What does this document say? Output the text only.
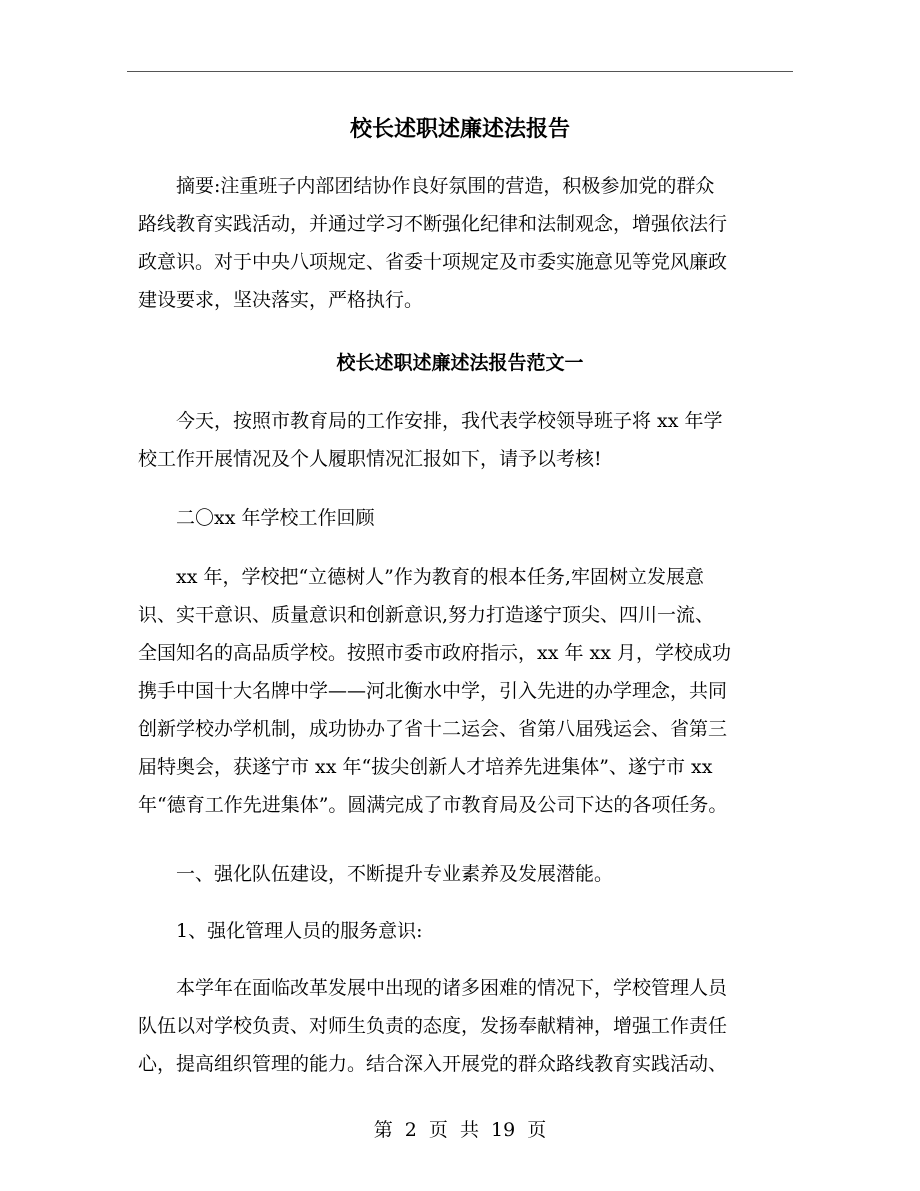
校长述职述廉述法报告
　　摘要:注重班子内部团结协作良好氛围的营造，积极参加党的群众
路线教育实践活动，并通过学习不断强化纪律和法制观念，增强依法行
政意识。对于中央八项规定、省委十项规定及市委实施意见等党风廉政
建设要求，坚决落实，严格执行。
校长述职述廉述法报告范文一
　　今天，按照市教育局的工作安排，我代表学校领导班子将 xx 年学
校工作开展情况及个人履职情况汇报如下，请予以考核!
　　二〇xx 年学校工作回顾
　　xx 年，学校把“立德树人”作为教育的根本任务,牢固树立发展意
识、实干意识、质量意识和创新意识,努力打造遂宁顶尖、四川一流、
全国知名的高品质学校。按照市委市政府指示，xx 年 xx 月，学校成功
携手中国十大名牌中学——河北衡水中学，引入先进的办学理念，共同
创新学校办学机制，成功协办了省十二运会、省第八届残运会、省第三
届特奥会，获遂宁市 xx 年“拔尖创新人才培养先进集体”、遂宁市 xx
年“德育工作先进集体”。圆满完成了市教育局及公司下达的各项任务。
　　一、强化队伍建设，不断提升专业素养及发展潜能。
　　1、强化管理人员的服务意识:
　　本学年在面临改革发展中出现的诸多困难的情况下，学校管理人员
队伍以对学校负责、对师生负责的态度，发扬奉献精神，增强工作责任
心，提高组织管理的能力。结合深入开展党的群众路线教育实践活动、
第 2 页 共 19 页
